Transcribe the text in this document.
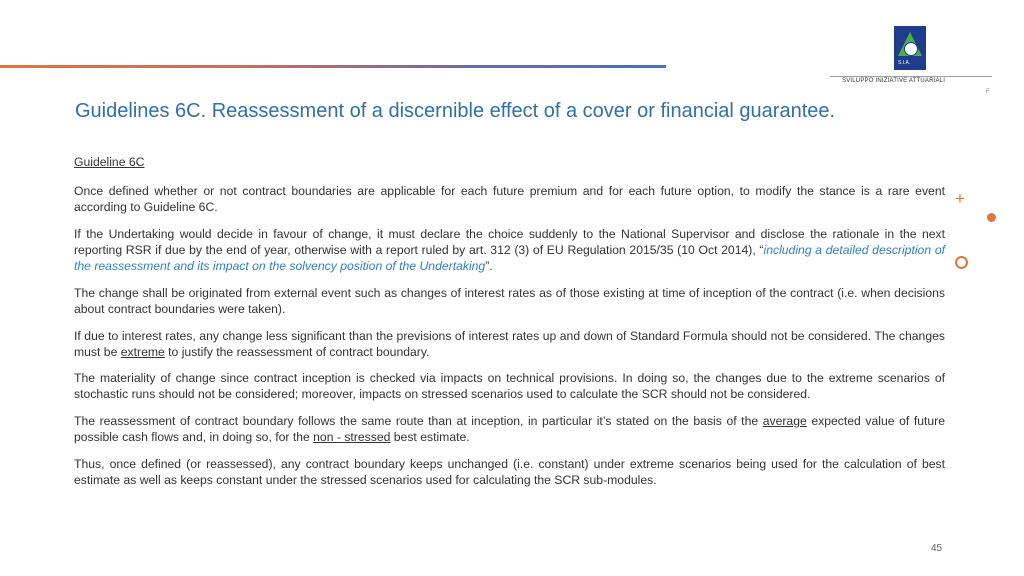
S.I.A.
SVILUPPO INIZIATIVE ATTUARIALI
F
Guidelines 6C. Reassessment of a discernible effect of a cover or financial guarantee.

Guideline 6C

Once defined whether or not contract boundaries are applicable for each future premium and for each future option, to modify the stance is a rare event according to Guideline 6C.

If the Undertaking would decide in favour of change, it must declare the choice suddenly to the National Supervisor and disclose the rationale in the next reporting RSR if due by the end of year, otherwise with a report ruled by art. 312 (3) of EU Regulation 2015/35 (10 Oct 2014), “including a detailed description of the reassessment and its impact on the solvency position of the Undertaking”.

The change shall be originated from external event such as changes of interest rates as of those existing at time of inception of the contract (i.e. when decisions about contract boundaries were taken).

If due to interest rates, any change less significant than the previsions of interest rates up and down of Standard Formula should not be considered. The changes must be extreme to justify the reassessment of contract boundary.

The materiality of change since contract inception is checked via impacts on technical provisions. In doing so, the changes due to the extreme scenarios of stochastic runs should not be considered; moreover, impacts on stressed scenarios used to calculate the SCR should not be considered.

The reassessment of contract boundary follows the same route than at inception, in particular it’s stated on the basis of the average expected value of future possible cash flows and, in doing so, for the non - stressed best estimate.

Thus, once defined (or reassessed), any contract boundary keeps unchanged (i.e. constant) under extreme scenarios being used for the calculation of best estimate as well as keeps constant under the stressed scenarios used for calculating the SCR sub-modules.

+
45
